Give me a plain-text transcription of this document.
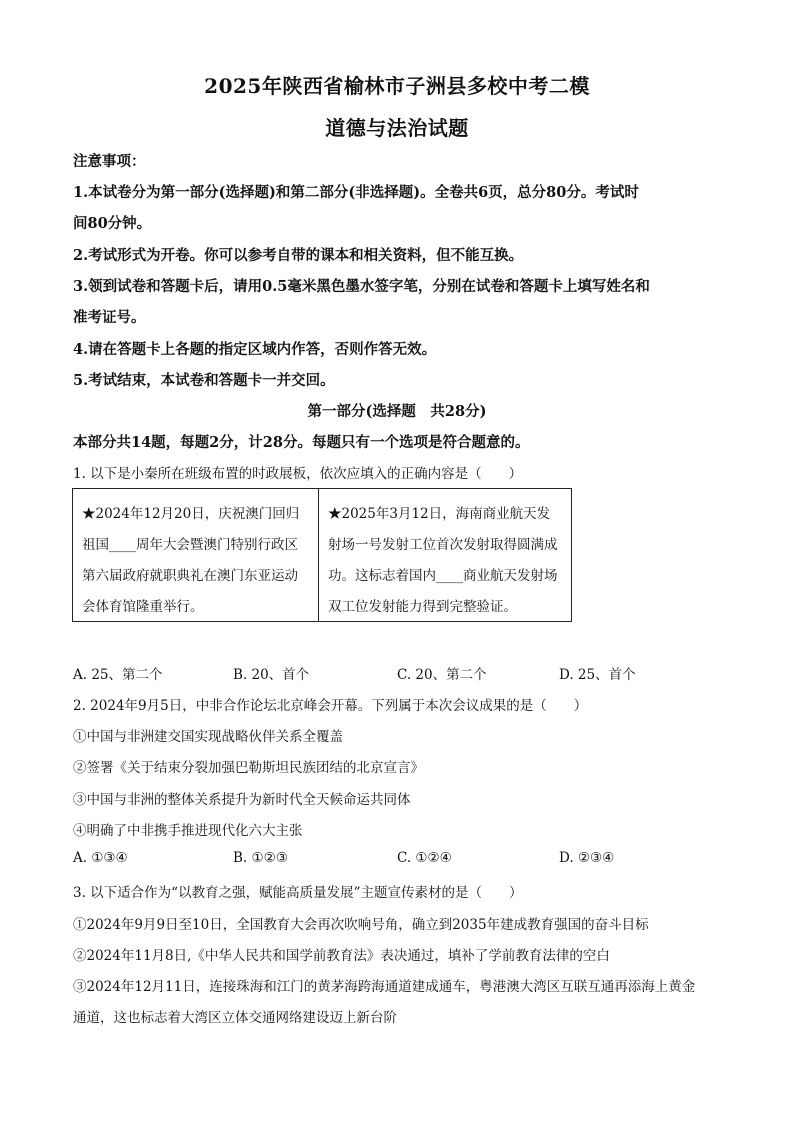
2025年陕西省榆林市子洲县多校中考二模
道德与法治试题
注意事项：
1.本试卷分为第一部分(选择题)和第二部分(非选择题)。全卷共6页，总分80分。考试时
间80分钟。
2.考试形式为开卷。你可以参考自带的课本和相关资料，但不能互换。
3.领到试卷和答题卡后，请用0.5毫米黑色墨水签字笔，分别在试卷和答题卡上填写姓名和
准考证号。
4.请在答题卡上各题的指定区域内作答，否则作答无效。
5.考试结束，本试卷和答题卡一并交回。
第一部分(选择题　共28分)
本部分共14题，每题2分，计28分。每题只有一个选项是符合题意的。
1. 以下是小秦所在班级布置的时政展板，依次应填入的正确内容是（　　）
★2024年12月20日，庆祝澳门回归
祖国____周年大会暨澳门特别行政区
第六届政府就职典礼在澳门东亚运动
会体育馆隆重举行。
★2025年3月12日，海南商业航天发
射场一号发射工位首次发射取得圆满成
功。这标志着国内____商业航天发射场
双工位发射能力得到完整验证。
A. 25、第二个	B. 20、首个	C. 20、第二个	D. 25、首个
2. 2024年9月5日，中非合作论坛北京峰会开幕。下列属于本次会议成果的是（　　）
①中国与非洲建交国实现战略伙伴关系全覆盖
②签署《关于结束分裂加强巴勒斯坦民族团结的北京宣言》
③中国与非洲的整体关系提升为新时代全天候命运共同体
④明确了中非携手推进现代化六大主张
A. ①③④	B. ①②③	C. ①②④	D. ②③④
3. 以下适合作为“以教育之强，赋能高质量发展”主题宣传素材的是（　　）
①2024年9月9日至10日，全国教育大会再次吹响号角，确立到2035年建成教育强国的奋斗目标
②2024年11月8日,《中华人民共和国学前教育法》表决通过，填补了学前教育法律的空白
③2024年12月11日，连接珠海和江门的黄茅海跨海通道建成通车，粤港澳大湾区互联互通再添海上黄金
通道，这也标志着大湾区立体交通网络建设迈上新台阶
